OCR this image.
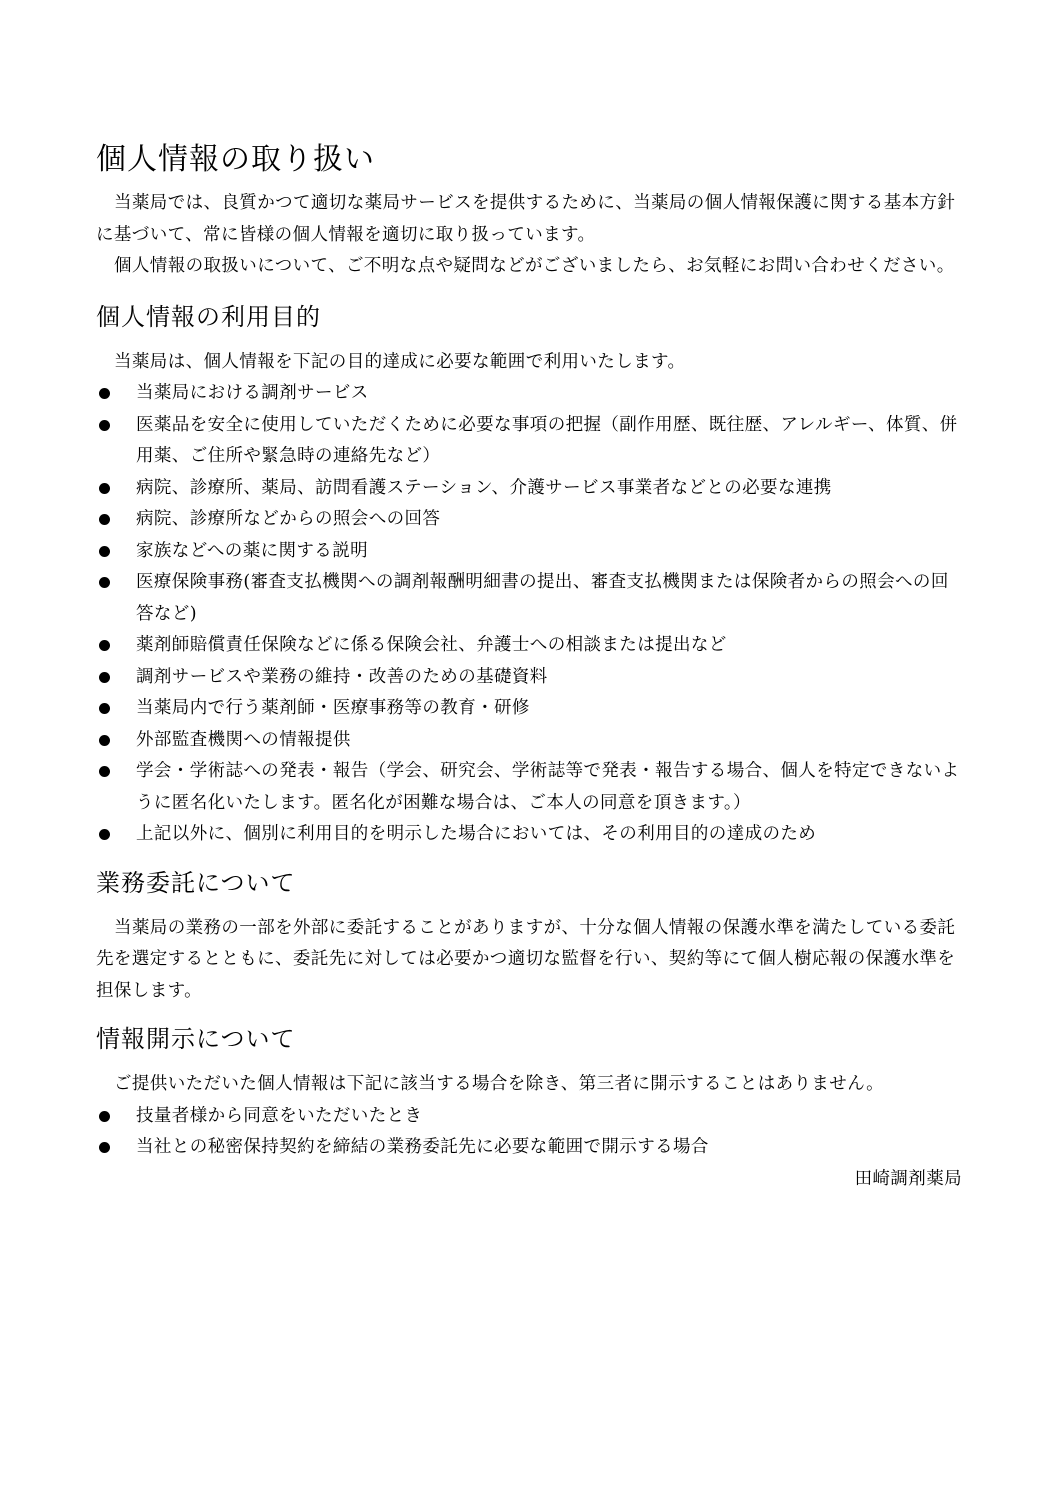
個人情報の取り扱い

当薬局では、良質かつて適切な薬局サービスを提供するために、当薬局の個人情報保護に関する基本方針に基づいて、常に皆様の個人情報を適切に取り扱っています。

個人情報の取扱いについて、ご不明な点や疑問などがございましたら、お気軽にお問い合わせください。

個人情報の利用目的

当薬局は、個人情報を下記の目的達成に必要な範囲で利用いたします。

当薬局における調剤サービス
医薬品を安全に使用していただくために必要な事項の把握（副作用歴、既往歴、アレルギー、体質、併用薬、ご住所や緊急時の連絡先など）
病院、診療所、薬局、訪問看護ステーション、介護サービス事業者などとの必要な連携
病院、診療所などからの照会への回答
家族などへの薬に関する説明
医療保険事務(審査支払機関への調剤報酬明細書の提出、審査支払機関または保険者からの照会への回答など)
薬剤師賠償責任保険などに係る保険会社、弁護士への相談または提出など
調剤サービスや業務の維持・改善のための基礎資料
当薬局内で行う薬剤師・医療事務等の教育・研修
外部監査機関への情報提供
学会・学術誌への発表・報告（学会、研究会、学術誌等で発表・報告する場合、個人を特定できないように匿名化いたします。匿名化が困難な場合は、ご本人の同意を頂きます。）
上記以外に、個別に利用目的を明示した場合においては、その利用目的の達成のため
業務委託について

当薬局の業務の一部を外部に委託することがありますが、十分な個人情報の保護水準を満たしている委託先を選定するとともに、委託先に対しては必要かつ適切な監督を行い、契約等にて個人樹応報の保護水準を担保します。

情報開示について

ご提供いただいた個人情報は下記に該当する場合を除き、第三者に開示することはありません。

技量者様から同意をいただいたとき
当社との秘密保持契約を締結の業務委託先に必要な範囲で開示する場合

田崎調剤薬局
